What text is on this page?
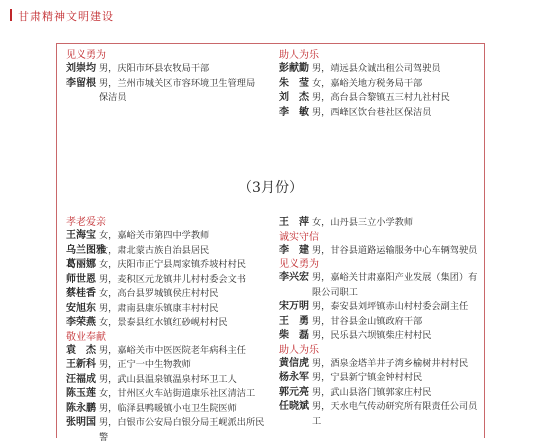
甘肃精神文明建设
见义勇为
刘崇均 男，庆阳市环县农牧局干部
李留根 男，兰州市城关区市容环境卫生管理局保洁员
助人为乐
彭献勤 男，靖远县众诚出租公司驾驶员
朱　莹 女，嘉峪关地方税务局干部
刘　杰 男，高台县合黎镇五三村九社村民
李　敏 男，西峰区饮台巷社区保洁员
（3月份）
孝老爱亲
王海宝 女，嘉峪关市第四中学教师
乌兰图雅
女，肃北蒙古族自治县居民
葛丽娜 女，庆阳市正宁县周家镇乔坡村村民
师世恩 男，麦积区元龙镇井儿村村委会文书
蔡桂香 女，高台县罗城镇侯庄村村民
安旭东 男，肃南县康乐镇康丰村村民
李荣燕 女，景泰县红水镇红砂岘村村民
敬业奉献
袁　杰 男，嘉峪关市中医医院老年病科主任
王新科 男，正宁一中生物教师
汪福成 男，武山县温泉镇温泉村环卫工人
陈玉莲 女，甘州区火车站街道康乐社区清洁工
陈永鹏 男，临泽县鸭暖镇小屯卫生院医师
张明国 男，白银市公安局白银分局王岘派出所民警
王　萍 女，山丹县三立小学教师
诚实守信
李　建 男，甘谷县道路运输服务中心车辆驾驶员
见义勇为
李兴宏 男，嘉峪关甘肃嘉阳产业发展（集团）有限公司职工
宋万明 男，泰安县刘坪镇赤山村村委会副主任
王　勇 男，甘谷县金山镇政府干部
柴　磊 男，民乐县六坝镇柴庄村村民
助人为乐
黄信虎 男，酒泉金塔羊井子湾乡榆树井村村民
杨永军 男，宁县新宁镇金钟村村民
郭元亮 男，武山县洛门镇郭家庄村民
任晓斌 男，天水电气传动研究所有限责任公司员工
